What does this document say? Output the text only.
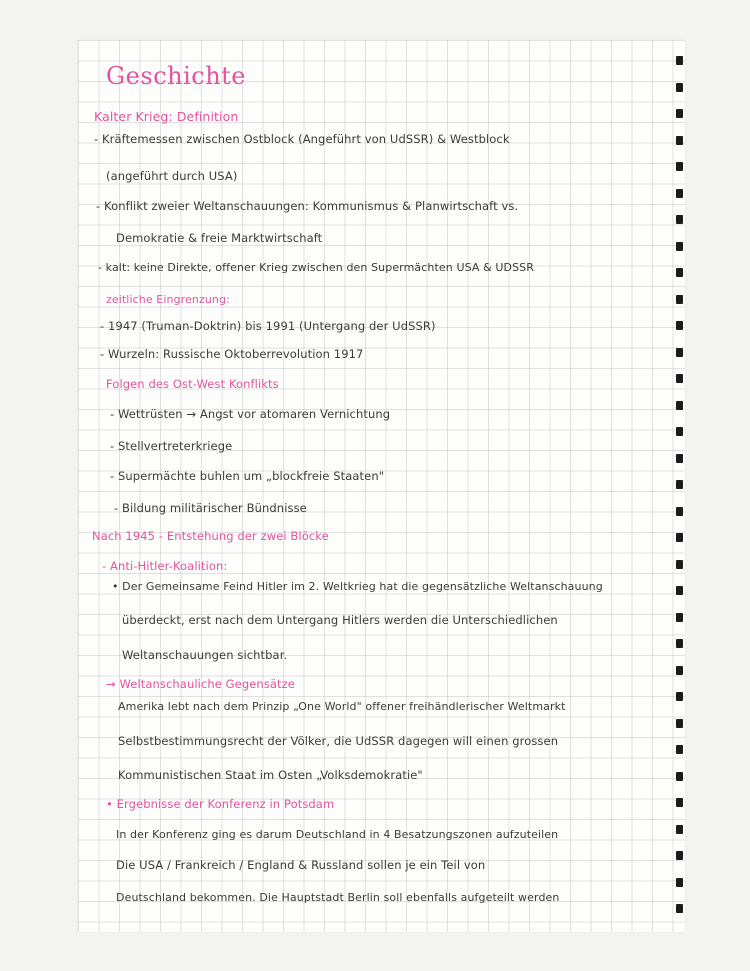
Geschichte
Kalter Krieg: Definition
- Kräftemessen zwischen Ostblock (Angeführt von UdSSR) & Westblock
(angeführt durch USA)
- Konflikt zweier Weltanschauungen: Kommunismus & Planwirtschaft vs.
Demokratie & freie Marktwirtschaft
- kalt: keine Direkte, offener Krieg zwischen den Supermächten USA & UDSSR
zeitliche Eingrenzung:
- 1947 (Truman-Doktrin) bis 1991 (Untergang der UdSSR)
- Wurzeln: Russische Oktoberrevolution 1917
Folgen des Ost-West Konflikts
- Wettrüsten → Angst vor atomaren Vernichtung
- Stellvertreterkriege
- Supermächte buhlen um „blockfreie Staaten"
- Bildung militärischer Bündnisse
Nach 1945 - Entstehung der zwei Blöcke
- Anti-Hitler-Koalition:
• Der Gemeinsame Feind Hitler im 2. Weltkrieg hat die gegensätzliche Weltanschauung
überdeckt, erst nach dem Untergang Hitlers werden die Unterschiedlichen
Weltanschauungen sichtbar.
→ Weltanschauliche Gegensätze
Amerika lebt nach dem Prinzip „One World" offener freihändlerischer Weltmarkt
Selbstbestimmungsrecht der Völker, die UdSSR dagegen will einen grossen
Kommunistischen Staat im Osten „Volksdemokratie"
• Ergebnisse der Konferenz in Potsdam
In der Konferenz ging es darum Deutschland in 4 Besatzungszonen aufzuteilen
Die USA / Frankreich / England & Russland sollen je ein Teil von
Deutschland bekommen. Die Hauptstadt Berlin soll ebenfalls aufgeteilt werden
